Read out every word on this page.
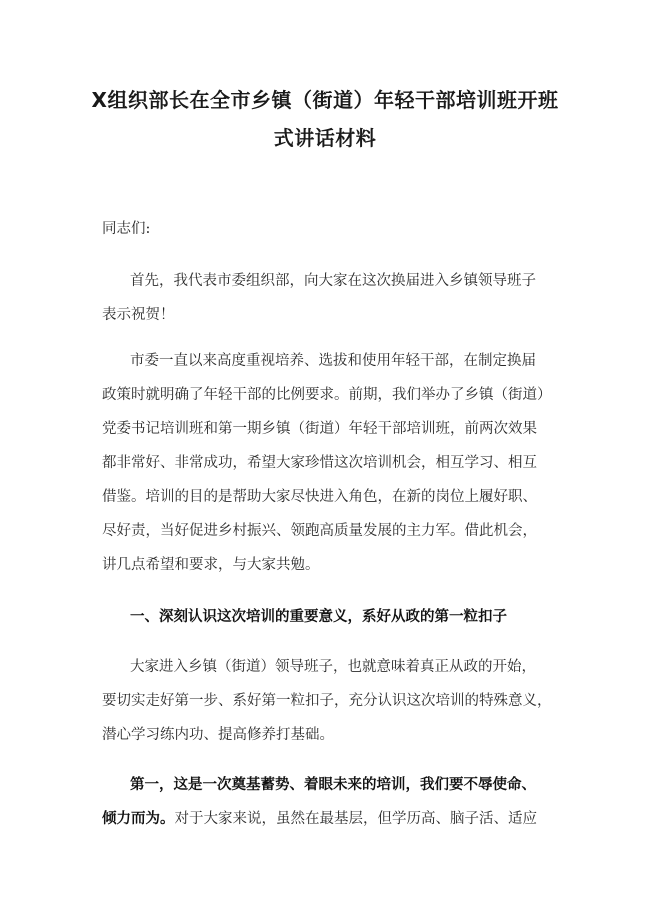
X组织部长在全市乡镇（街道）年轻干部培训班开班
式讲话材料
同志们:
首先，我代表市委组织部，向大家在这次换届进入乡镇领导班子
表示祝贺！
市委一直以来高度重视培养、选拔和使用年轻干部，在制定换届
政策时就明确了年轻干部的比例要求。前期，我们举办了乡镇（街道）
党委书记培训班和第一期乡镇（街道）年轻干部培训班，前两次效果
都非常好、非常成功，希望大家珍惜这次培训机会，相互学习、相互
借鉴。培训的目的是帮助大家尽快进入角色，在新的岗位上履好职、
尽好责，当好促进乡村振兴、领跑高质量发展的主力军。借此机会，
讲几点希望和要求，与大家共勉。
一、深刻认识这次培训的重要意义，系好从政的第一粒扣子
大家进入乡镇（街道）领导班子，也就意味着真正从政的开始，
要切实走好第一步、系好第一粒扣子，充分认识这次培训的特殊意义，
潜心学习练内功、提高修养打基础。
第一，这是一次奠基蓄势、着眼未来的培训，我们要不辱使命、
倾力而为。对于大家来说，虽然在最基层，但学历高、脑子活、适应
